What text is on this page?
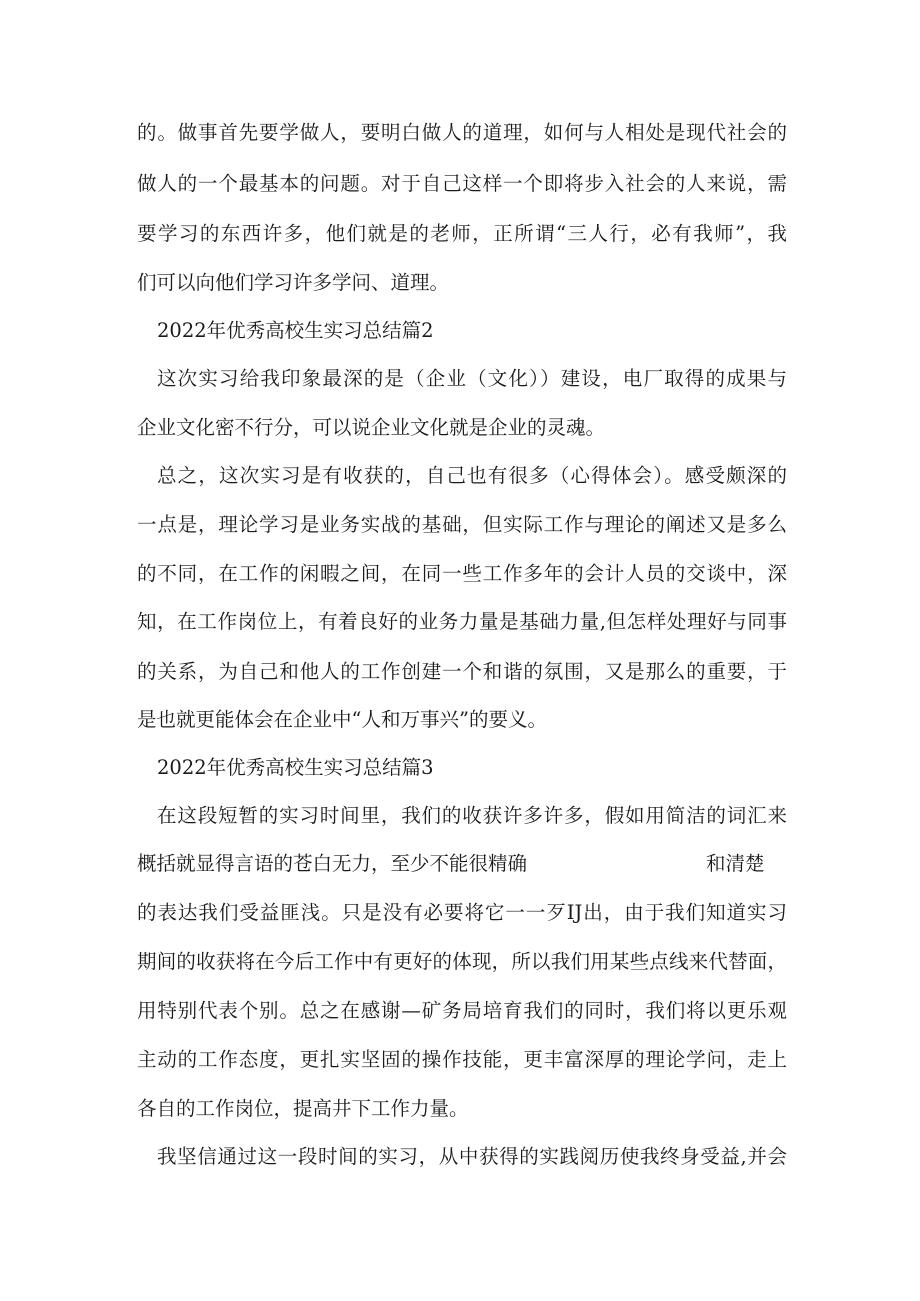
的。做事首先要学做人，要明白做人的道理，如何与人相处是现代社会的

做人的一个最基本的问题。对于自己这样一个即将步入社会的人来说，需

要学习的东西许多，他们就是的老师，正所谓“三人行，必有我师”，我

们可以向他们学习许多学问、道理。

2022年优秀高校生实习总结篇2

这次实习给我印象最深的是（企业（文化））建设，电厂取得的成果与

企业文化密不行分，可以说企业文化就是企业的灵魂。

总之，这次实习是有收获的，自己也有很多（心得体会）。感受颇深的

一点是，理论学习是业务实战的基础，但实际工作与理论的阐述又是多么

的不同，在工作的闲暇之间，在同一些工作多年的会计人员的交谈中，深

知，在工作岗位上，有着良好的业务力量是基础力量,但怎样处理好与同事

的关系，为自己和他人的工作创建一个和谐的氛围，又是那么的重要，于

是也就更能体会在企业中“人和万事兴”的要义。

2022年优秀高校生实习总结篇3

在这段短暂的实习时间里，我们的收获许多许多，假如用简洁的词汇来

概括就显得言语的苍白无力，至少不能很精确	和清楚

的表达我们受益匪浅。只是没有必要将它一一歹IJ出，由于我们知道实习

期间的收获将在今后工作中有更好的体现，所以我们用某些点线来代替面，

用特别代表个别。总之在感谢—矿务局培育我们的同时，我们将以更乐观

主动的工作态度，更扎实坚固的操作技能，更丰富深厚的理论学问，走上

各自的工作岗位，提高井下工作力量。

我坚信通过这一段时间的实习，从中获得的实践阅历使我终身受益,并会
